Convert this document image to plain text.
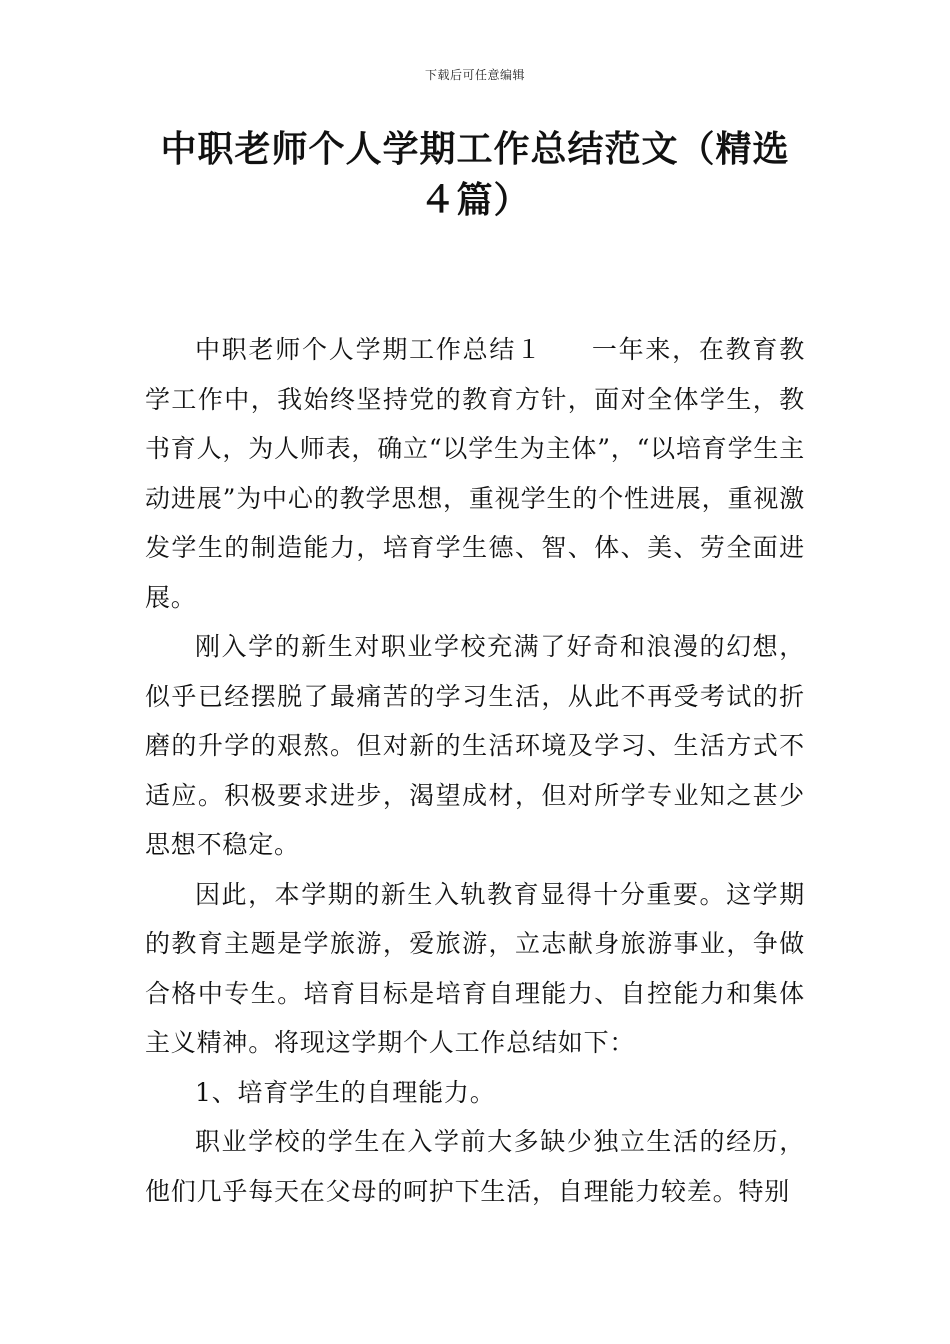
下载后可任意编辑
中职老师个人学期工作总结范文（精选４篇）

中职老师个人学期工作总结１ 一年来，在教育教学工作中，我始终坚持党的教育方针，面对全体学生，教书育人，为人师表，确立“以学生为主体”，“以培育学生主动进展”为中心的教学思想，重视学生的个性进展，重视激发学生的制造能力，培育学生德、智、体、美、劳全面进展。

刚入学的新生对职业学校充满了好奇和浪漫的幻想，似乎已经摆脱了最痛苦的学习生活，从此不再受考试的折磨的升学的艰熬。但对新的生活环境及学习、生活方式不适应。积极要求进步，渴望成材，但对所学专业知之甚少思想不稳定。

因此，本学期的新生入轨教育显得十分重要。这学期的教育主题是学旅游，爱旅游，立志献身旅游事业，争做合格中专生。培育目标是培育自理能力、自控能力和集体主义精神。将现这学期个人工作总结如下：

1、培育学生的自理能力。

职业学校的学生在入学前大多缺少独立生活的经历，他们几乎每天在父母的呵护下生活，自理能力较差。特别
